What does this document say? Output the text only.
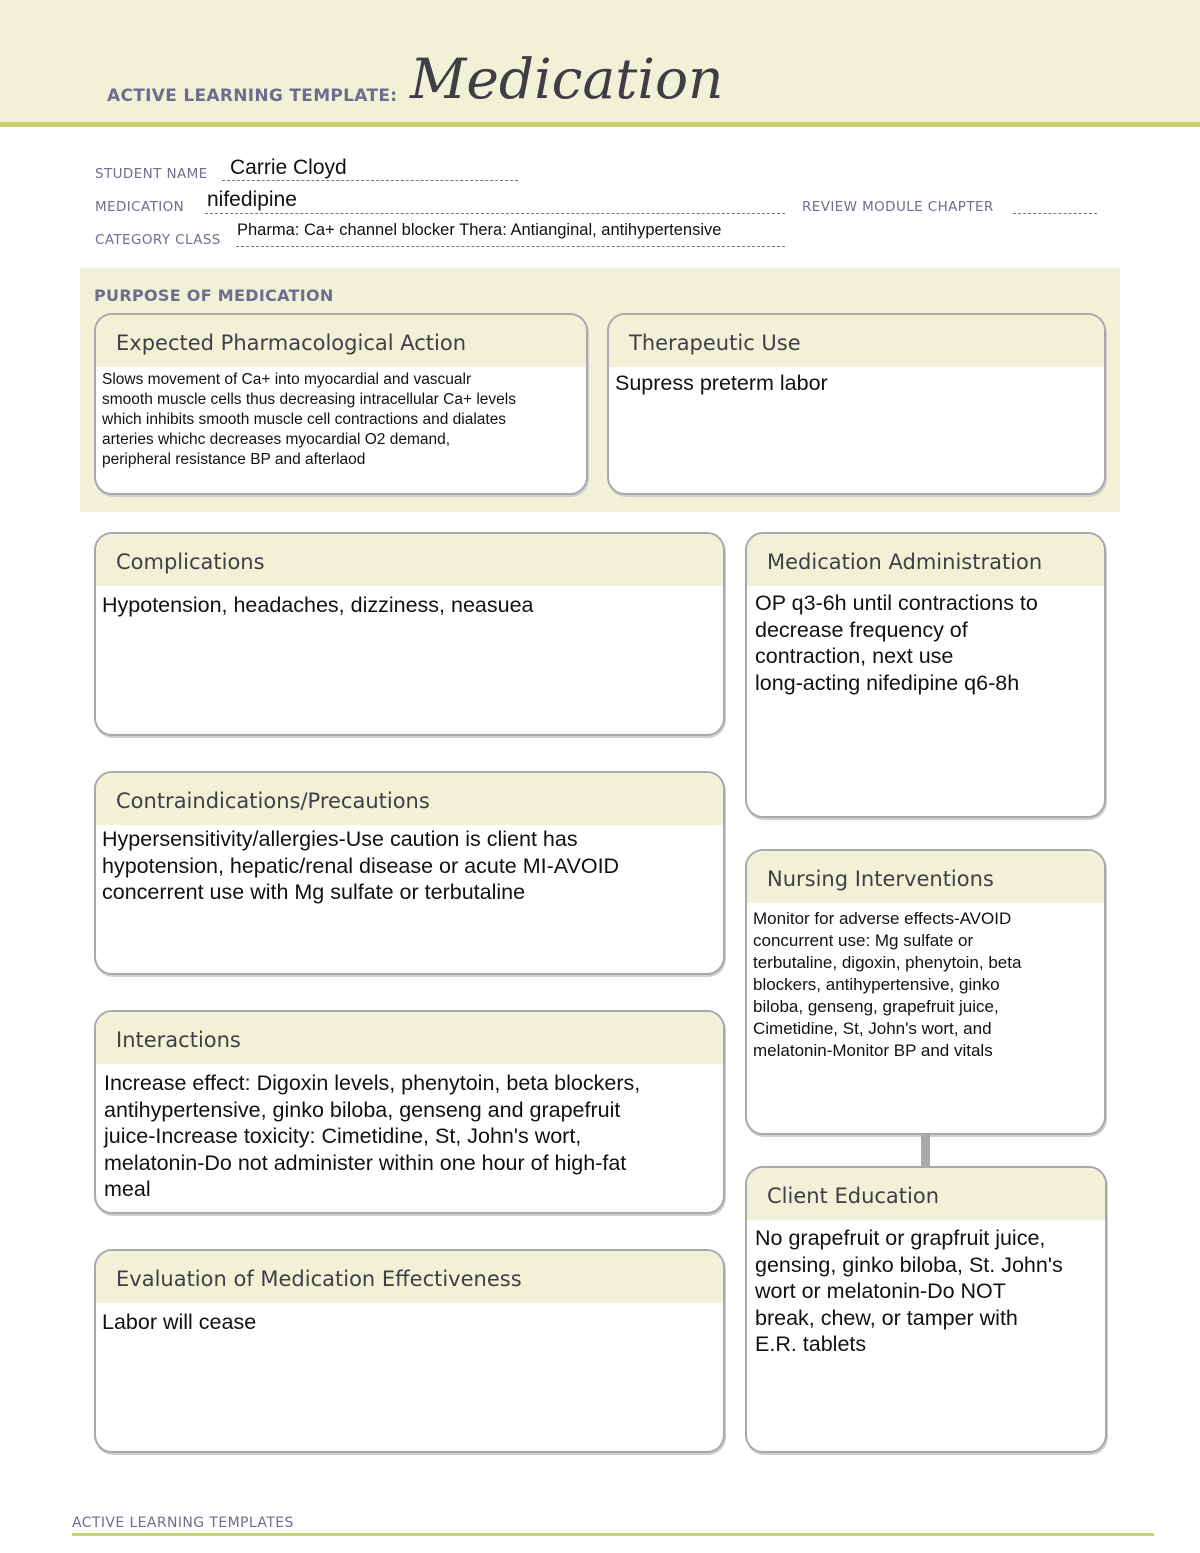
ACTIVE LEARNING TEMPLATE: Medication
STUDENT NAME Carrie Cloyd
MEDICATION nifedipine	REVIEW MODULE CHAPTER
CATEGORY CLASS
Pharma: Ca+ channel blocker Thera: Antianginal, antihypertensive
PURPOSE OF MEDICATION
Expected Pharmacological Action
Slows movement of Ca+ into myocardial and vascualr
smooth muscle cells thus decreasing intracellular Ca+ levels
which inhibits smooth muscle cell contractions and dialates
arteries whichc decreases myocardial O2 demand,
peripheral resistance BP and afterlaod
Therapeutic Use
Supress preterm labor
Complications
Hypotension, headaches, dizziness, neasuea
Contraindications/Precautions
Hypersensitivity/allergies-Use caution is client has
hypotension, hepatic/renal disease or acute MI-AVOID
concerrent use with Mg sulfate or terbutaline
Interactions
Increase effect: Digoxin levels, phenytoin, beta blockers,
antihypertensive, ginko biloba, genseng and grapefruit
juice-Increase toxicity: Cimetidine, St, John's wort,
melatonin-Do not administer within one hour of high-fat
meal
Evaluation of Medication Effectiveness
Labor will cease
Medication Administration
OP q3-6h until contractions to
decrease frequency of
contraction, next use
long-acting nifedipine q6-8h
Nursing Interventions
Monitor for adverse effects-AVOID
concurrent use: Mg sulfate or
terbutaline, digoxin, phenytoin, beta
blockers, antihypertensive, ginko
biloba, genseng, grapefruit juice,
Cimetidine, St, John's wort, and
melatonin-Monitor BP and vitals
Client Education
No grapefruit or grapfruit juice,
gensing, ginko biloba, St. John's
wort or melatonin-Do NOT
break, chew, or tamper with
E.R. tablets
ACTIVE LEARNING TEMPLATES
